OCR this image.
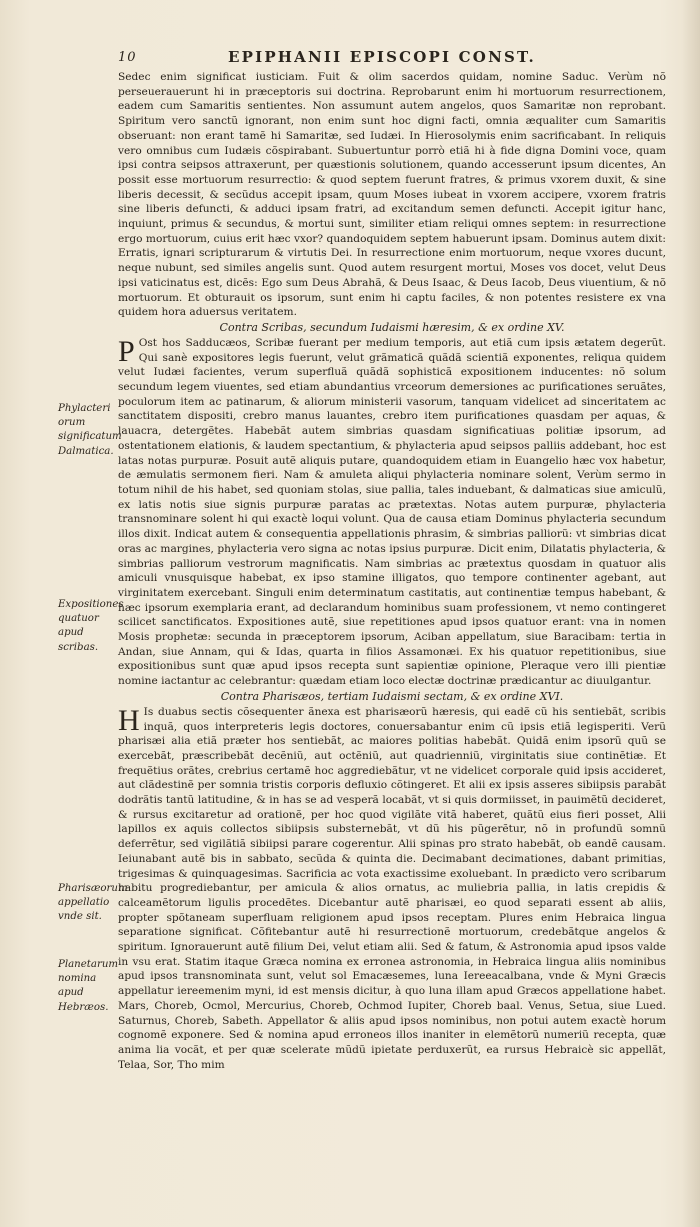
10	EPIPHANII EPISCOPI CONST.

Sedec enim significat iusticiam. Fuit & olim sacerdos quidam, nomine Saduc. Verùm nõ perseuerauerunt hi in præceptoris sui doctrina. Reprobarunt enim hi mortuorum resurrectionem, eadem cum Samaritis sentientes. Non assumunt autem angelos, quos Samaritæ non reprobant. Spiritum vero sanctũ ignorant, non enim sunt hoc digni facti, omnia æqualiter cum Samaritis obseruant: non erant tamẽ hi Samaritæ, sed Iudæi. In Hierosolymis enim sacrificabant. In reliquis vero omnibus cum Iudæis cõspirabant. Subuertuntur porrò etiã hi à fide digna Domini voce, quam ipsi contra seipsos attraxerunt, per quæstionis solutionem, quando accesserunt ipsum dicentes, An possit esse mortuorum resurrectio: & quod septem fuerunt fratres, & primus vxorem duxit, & sine liberis decessit, & secũdus accepit ipsam, quum Moses iubeat in vxorem accipere, vxorem fratris sine liberis defuncti, & adduci ipsam fratri, ad excitandum semen defuncti. Accepit igitur hanc, inquiunt, primus & secundus, & mortui sunt, similiter etiam reliqui omnes septem: in resurrectione ergo mortuorum, cuius erit hæc vxor? quandoquidem septem habuerunt ipsam. Dominus autem dixit: Erratis, ignari scripturarum & virtutis Dei. In resurrectione enim mortuorum, neque vxores ducunt, neque nubunt, sed similes angelis sunt. Quod autem resurgent mortui, Moses vos docet, velut Deus ipsi vaticinatus est, dicẽs: Ego sum Deus Abrahã, & Deus Isaac, & Deus Iacob, Deus viuentium, & nõ mortuorum. Et obturauit os ipsorum, sunt enim hi captu faciles, & non potentes resistere ex vna quidem hora aduersus veritatem.

Contra Scribas, secundum Iudaismi hæresim, & ex ordine XV.

P Ost hos Sadducæos, Scribæ fuerant per medium temporis, aut etiã cum ipsis ætatem degerũt. Qui sanè expositores legis fuerunt, velut grãmaticã quãdã scientiã exponentes, reliqua quidem velut Iudæi facientes, verum superfluã quãdã sophisticã expositionem inducentes: nõ solum secundum legem viuentes, sed etiam abundantius vrceorum demersiones ac purificationes seruãtes, poculorum item ac patinarum, & aliorum ministerii vasorum, tanquam videlicet ad sinceritatem ac sanctitatem dispositi, crebro manus lauantes, crebro item purificationes quasdam per aquas, & lauacra, detergẽtes. Habebãt autem simbrias quasdam significatiuas politiæ ipsorum, ad ostentationem elationis, & laudem spectantium, & phylacteria apud seipsos palliis addebant, hoc est latas notas purpuræ. Posuit autẽ aliquis putare, quandoquidem etiam in Euangelio hæc vox habetur, de æmulatis sermonem fieri. Nam & amuleta aliqui phylacteria nominare solent, Verùm sermo in totum nihil de his habet, sed quoniam stolas, siue pallia, tales induebant, & dalmaticas siue amiculũ, ex latis notis siue signis purpuræ paratas ac prætextas. Notas autem purpuræ, phylacteria transnominare solent hi qui exactè loqui volunt. Qua de causa etiam Dominus phylacteria secundum illos dixit. Indicat autem & consequentia appellationis phrasim, & simbrias palliorũ: vt simbrias dicat oras ac margines, phylacteria vero signa ac notas ipsius purpuræ. Dicit enim, Dilatatis phylacteria, & simbrias palliorum vestrorum magnificatis. Nam simbrias ac prætextus quosdam in quatuor alis amiculi vnusquisque habebat, ex ipso stamine illigatos, quo tempore continenter agebant, aut virginitatem exercebant. Singuli enim determinatum castitatis, aut continentiæ tempus habebant, & hæc ipsorum exemplaria erant, ad declarandum hominibus suam professionem, vt nemo contingeret scilicet sanctificatos. Expositiones autẽ, siue repetitiones apud ipsos quatuor erant: vna in nomen Mosis prophetæ: secunda in præceptorem ipsorum, Aciban appellatum, siue Baracibam: tertia in Andan, siue Annam, qui & Idas, quarta in filios Assamonæi. Ex his quatuor repetitionibus, siue expositionibus sunt quæ apud ipsos recepta sunt sapientiæ opinione, Pleraque vero illi pientiæ nomine iactantur ac celebrantur: quædam etiam loco electæ doctrinæ prædicantur ac diuulgantur.

Contra Pharisæos, tertiam Iudaismi sectam, & ex ordine XVI.

H Is duabus sectis cõsequenter ãnexa est pharisæorũ hæresis, qui eadẽ cũ his sentiebãt, scribis inquã, quos interpreteris legis doctores, conuersabantur enim cũ ipsis etiã legisperiti. Verũ pharisæi alia etiã præter hos sentiebãt, ac maiores politias habebãt. Quidã enim ipsorũ quũ se exercebãt, præscribebãt decẽniũ, aut octẽniũ, aut quadrienniũ, virginitatis siue continẽtiæ. Et frequẽtius orãtes, crebrius certamẽ hoc aggrediebãtur, vt ne videlicet corporale quid ipsis accideret, aut clãdestinẽ per somnia tristis corporis defluxio cõtingeret. Et alii ex ipsis asseres sibiipsis parabãt dodrãtis tantũ latitudine, & in has se ad vesperã locabãt, vt si quis dormiisset, in pauimẽtũ decideret, & rursus excitaretur ad orationẽ, per hoc quod vigilãte vitã haberet, quãtũ eius fieri posset, Alii lapillos ex aquis collectos sibiipsis substernebãt, vt dũ his pũgerẽtur, nõ in profundũ somnũ deferrẽtur, sed vigilãtiã sibiipsi parare cogerentur. Alii spinas pro strato habebãt, ob eandẽ causam. Ieiunabant autẽ bis in sabbato, secũda & quinta die. Decimabant decimationes, dabant primitias, trigesimas & quinquagesimas. Sacrificia ac vota exactissime exoluebant. In prædicto vero scribarum habitu progrediebantur, per amicula & alios ornatus, ac muliebria pallia, in latis crepidis & calceamẽtorum ligulis procedẽtes. Dicebantur autẽ pharisæi, eo quod separati essent ab aliis, propter spõtaneam superfluam religionem apud ipsos receptam. Plures enim Hebraica lingua separatione significat. Cõfitebantur autẽ hi resurrectionẽ mortuorum, credebãtque angelos & spiritum. Ignorauerunt autẽ filium Dei, velut etiam alii. Sed & fatum, & Astronomia apud ipsos valde in vsu erat. Statim itaque Græca nomina ex erronea astronomia, in Hebraica lingua aliis nominibus apud ipsos transnominata sunt, velut sol Emacæsemes, luna Iereeacalbana, vnde & Myni Græcis appellatur iereemenim myni, id est mensis dicitur, à quo luna illam apud Græcos appellatione habet. Mars, Choreb, Ocmol, Mercurius, Choreb, Ochmod Iupiter, Choreb baal. Venus, Setua, siue Lued. Saturnus, Choreb, Sabeth. Appellator & aliis apud ipsos nominibus, non potui autem exactè horum cognomẽ exponere. Sed & nomina apud erroneos illos inaniter in elemẽtorũ numeriũ recepta, quæ anima lia vocãt, et per quæ scelerate mũdũ ipietate perduxerũt, ea rursus Hebraicè sic appellãt, Telaa, Sor, Tho mim

Phylacteri orum significatum Dalmatica.
Expositiones quatuor apud scribas.
Pharisæorum appellatio vnde sit.
Planetarum nomina apud Hebræos.
